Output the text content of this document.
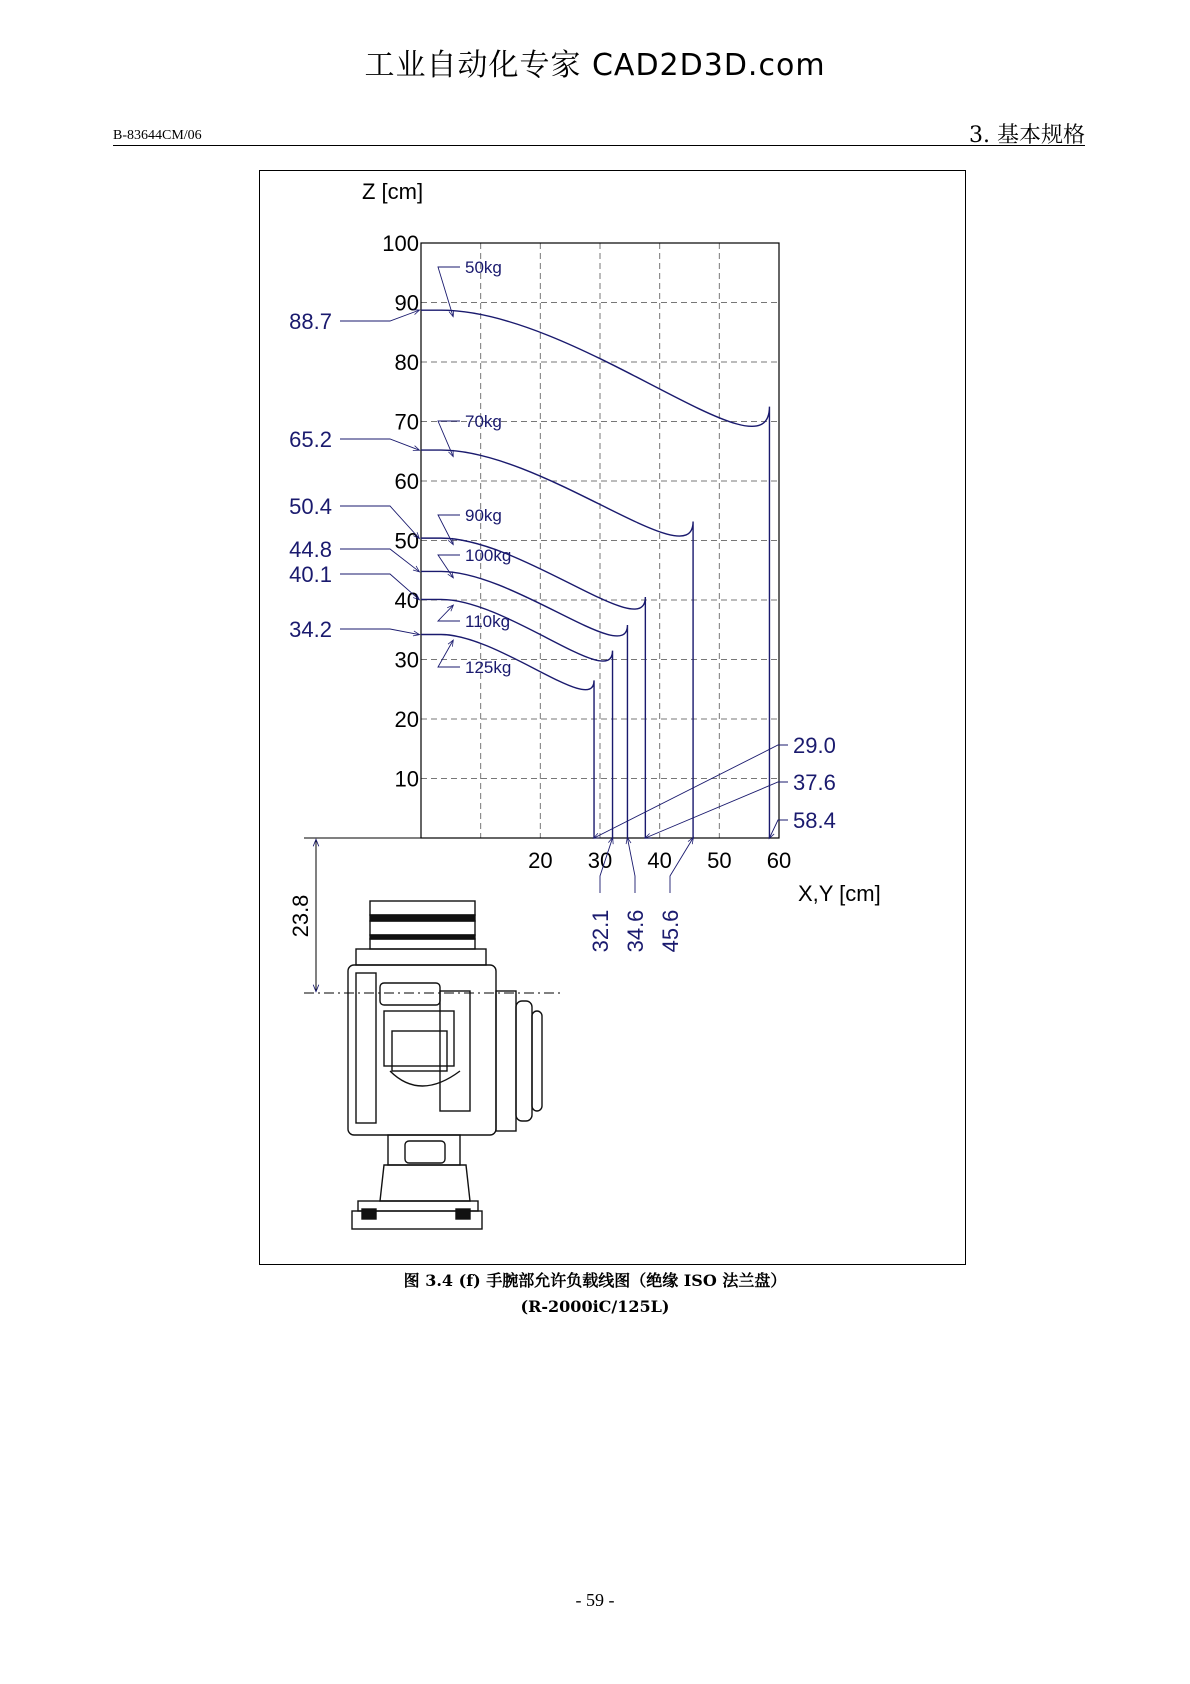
工业自动化专家 CAD2D3D.com
B-83644CM/06	3. 基本规格
10
20
30
40
50
60
70
80
90
100
20 30 40 50 60
Z [cm]
X,Y [cm]
88.7
50kg
58.4
65.2
70kg
45.6
50.4	90kg
37.6
44.8	100kg
34.6
40.1
110kg
32.1
34.2
125kg
29.0
23.8
图 3.4 (f) 手腕部允许负载线图（绝缘 ISO 法兰盘）
(R-2000iC/125L)
- 59 -
